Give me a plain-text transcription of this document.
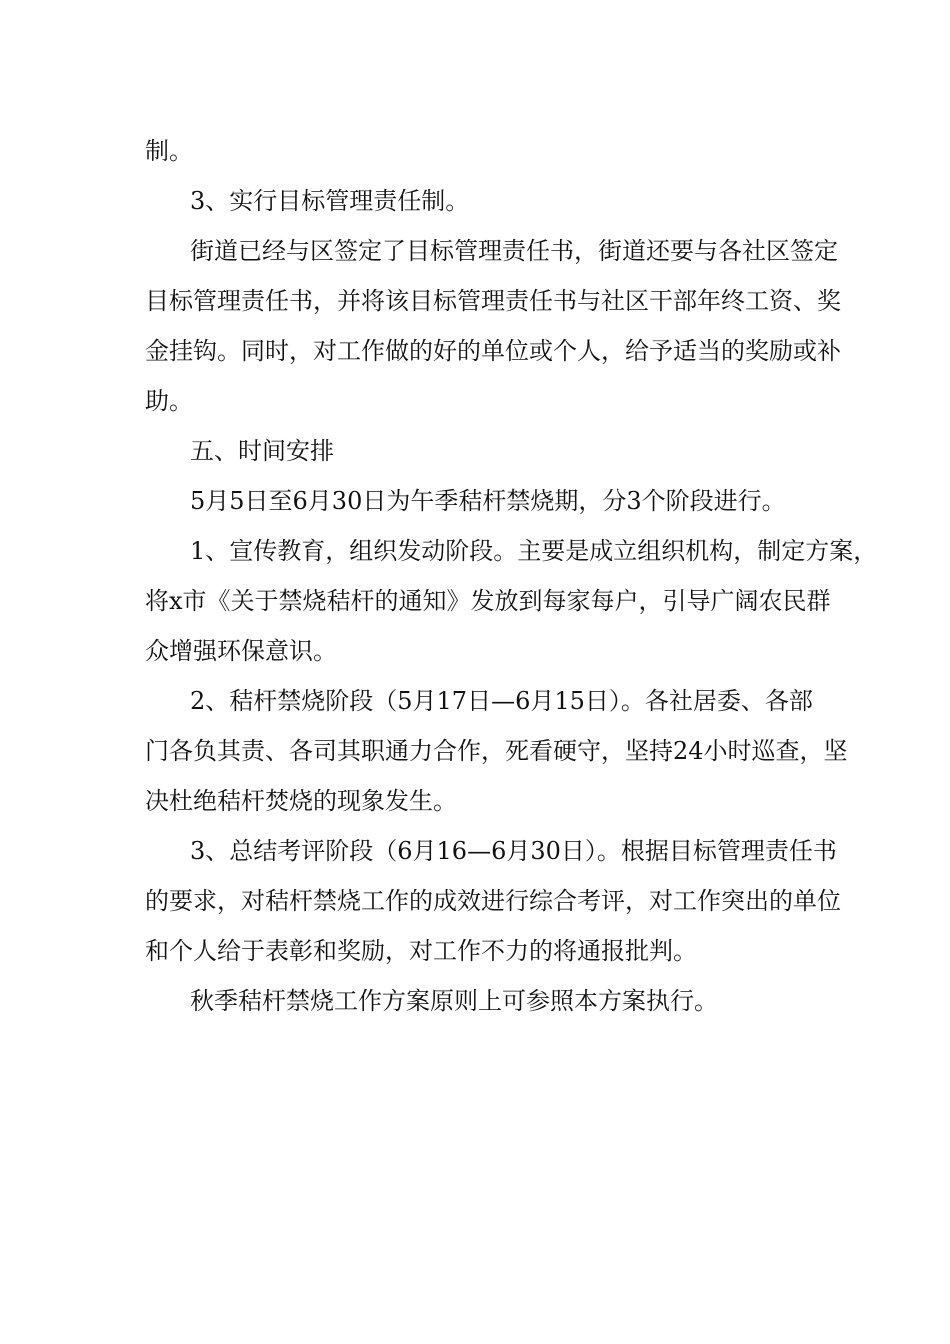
制。
3、实行目标管理责任制。
街道已经与区签定了目标管理责任书，街道还要与各社区签定
目标管理责任书，并将该目标管理责任书与社区干部年终工资、奖
金挂钩。同时，对工作做的好的单位或个人，给予适当的奖励或补
助。
五、时间安排
5月5日至6月30日为午季秸杆禁烧期，分3个阶段进行。
1、宣传教育，组织发动阶段。主要是成立组织机构，制定方案，
将x市《关于禁烧秸杆的通知》发放到每家每户，引导广阔农民群
众增强环保意识。
2、秸杆禁烧阶段（5月17日—6月15日）。各社居委、各部
门各负其责、各司其职通力合作，死看硬守，坚持24小时巡查，坚
决杜绝秸杆焚烧的现象发生。
3、总结考评阶段（6月16—6月30日）。根据目标管理责任书
的要求，对秸杆禁烧工作的成效进行综合考评，对工作突出的单位
和个人给于表彰和奖励，对工作不力的将通报批判。
秋季秸杆禁烧工作方案原则上可参照本方案执行。
